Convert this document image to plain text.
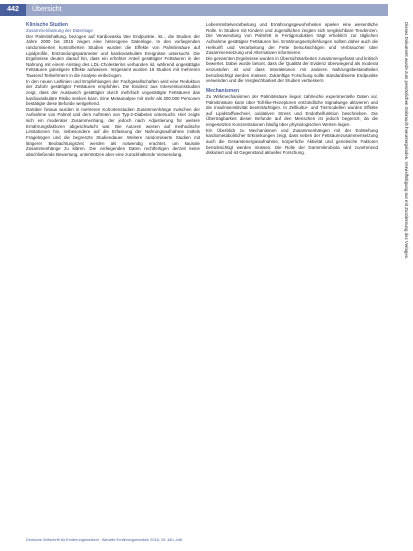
442	Übersicht

Klinische Studien

Zusammenfassung der Datenlage

Der Palmitinhaltung, bezogen auf Kardiovasku läre Endpunkte, ist... die Studien der Jahre 2000 bis 2015 zeigen eine heterogene Datenlage. In den vorliegenden randomisierten kontrollierten Studien wurden die Effekte von Palmitinsäure auf Lipidprofile, Entzündungsparameter und kardiovaskuläre Ereignisse untersucht. Die Ergebnisse deuten darauf hin, dass ein erhöhter Anteil gesättigter Fettsäuren in der Nahrung mit einem Anstieg des LDL-Cholesterins verbunden ist, während ungesättigte Fettsäuren günstigere Effekte aufweisen. Insgesamt wurden 16 Studien mit mehreren Tausend Teilnehmern in die Analyse einbezogen.

In den neuen Leitlinien und Empfehlungen der Fachgesellschaften wird eine Reduktion der Zufuhr gesättigter Fettsäuren empfohlen. Die Evidenz aus Interventionsstudien zeigt, dass der Austausch gesättigter durch mehrfach ungesättigte Fettsäuren das kardiovaskuläre Risiko senken kann. Eine Metaanalyse mit mehr als 200.000 Personen bestätigte diese Befunde weitgehend.

Darüber hinaus wurden in mehreren Kohortenstudien Zusammenhänge zwischen der Aufnahme von Palmöl und dem Auftreten von Typ-2-Diabetes untersucht. Hier zeigte sich ein moderater Zusammenhang, der jedoch nach Adjustierung für weitere Ernährungsfaktoren abgeschwächt war. Die Autoren weisen auf methodische Limitationen hin, insbesondere auf die Erfassung der Nahrungsaufnahme mittels Fragebögen und die begrenzte Studiendauer. Weitere randomisierte Studien mit längerer Beobachtungszeit werden als notwendig erachtet, um kausale Zusammenhänge zu klären. Die vorliegenden Daten rechtfertigen derzeit keine abschließende Bewertung, unterstützen aber eine zurückhaltende Verwendung.

Lebensmittelverarbeitung und Ernährungsgewohnheiten spielen eine wesentliche Rolle. In Studien mit Kindern und Jugendlichen zeigten sich vergleichbare Tendenzen. Die Verwendung von Palmfett in Fertigprodukten trägt erheblich zur täglichen Aufnahme gesättigter Fettsäuren bei. Ernährungsempfehlungen sollten daher auch die Herkunft und Verarbeitung der Fette berücksichtigen und Verbraucher über Zusammensetzung und Alternativen informieren.

Die genannten Ergebnisse wurden in Übersichtsarbeiten zusammengefasst und kritisch bewertet. Dabei wurde betont, dass die Qualität der Evidenz überwiegend als moderat einzustufen ist und dass Interaktionen mit anderen Nahrungsbestandteilen berücksichtigt werden müssen. Zukünftige Forschung sollte standardisierte Endpunkte verwenden und die Vergleichbarkeit der Studien verbessern.

Mechanismen

Zu Wirkmechanismen der Palmitinsäure liegen zahlreiche experimentelle Daten vor. Palmitinsäure kann über Toll-like-Rezeptoren entzündliche Signalwege aktivieren und die Insulinsensitivität beeinträchtigen. In Zellkultur- und Tiermodellen wurden Effekte auf Lipidstoffwechsel, oxidativen Stress und Endothelfunktion beschrieben. Die Übertragbarkeit dieser Befunde auf den Menschen ist jedoch begrenzt, da die eingesetzten Konzentrationen häufig über physiologischen Werten liegen.

Ein Überblick zu Mechanismen und Zusammenhängen mit der Entstehung kardiometabolischer Erkrankungen zeigt, dass neben der Fettsäurezusammensetzung auch die Gesamtenergieaufnahme, körperliche Aktivität und genetische Faktoren berücksichtigt werden müssen. Die Rolle der Darmmikrobiota wird zunehmend diskutiert und ist Gegenstand aktueller Forschung.

Deutsche Zeitschrift für Ernährungsmedizin · Aktuelle Ernährungsmedizin 2018; 43: 440–448
Dieses Dokument wurde zum persönlichen Gebrauch heruntergeladen. Vervielfältigung nur mit Zustimmung des Verlages.
